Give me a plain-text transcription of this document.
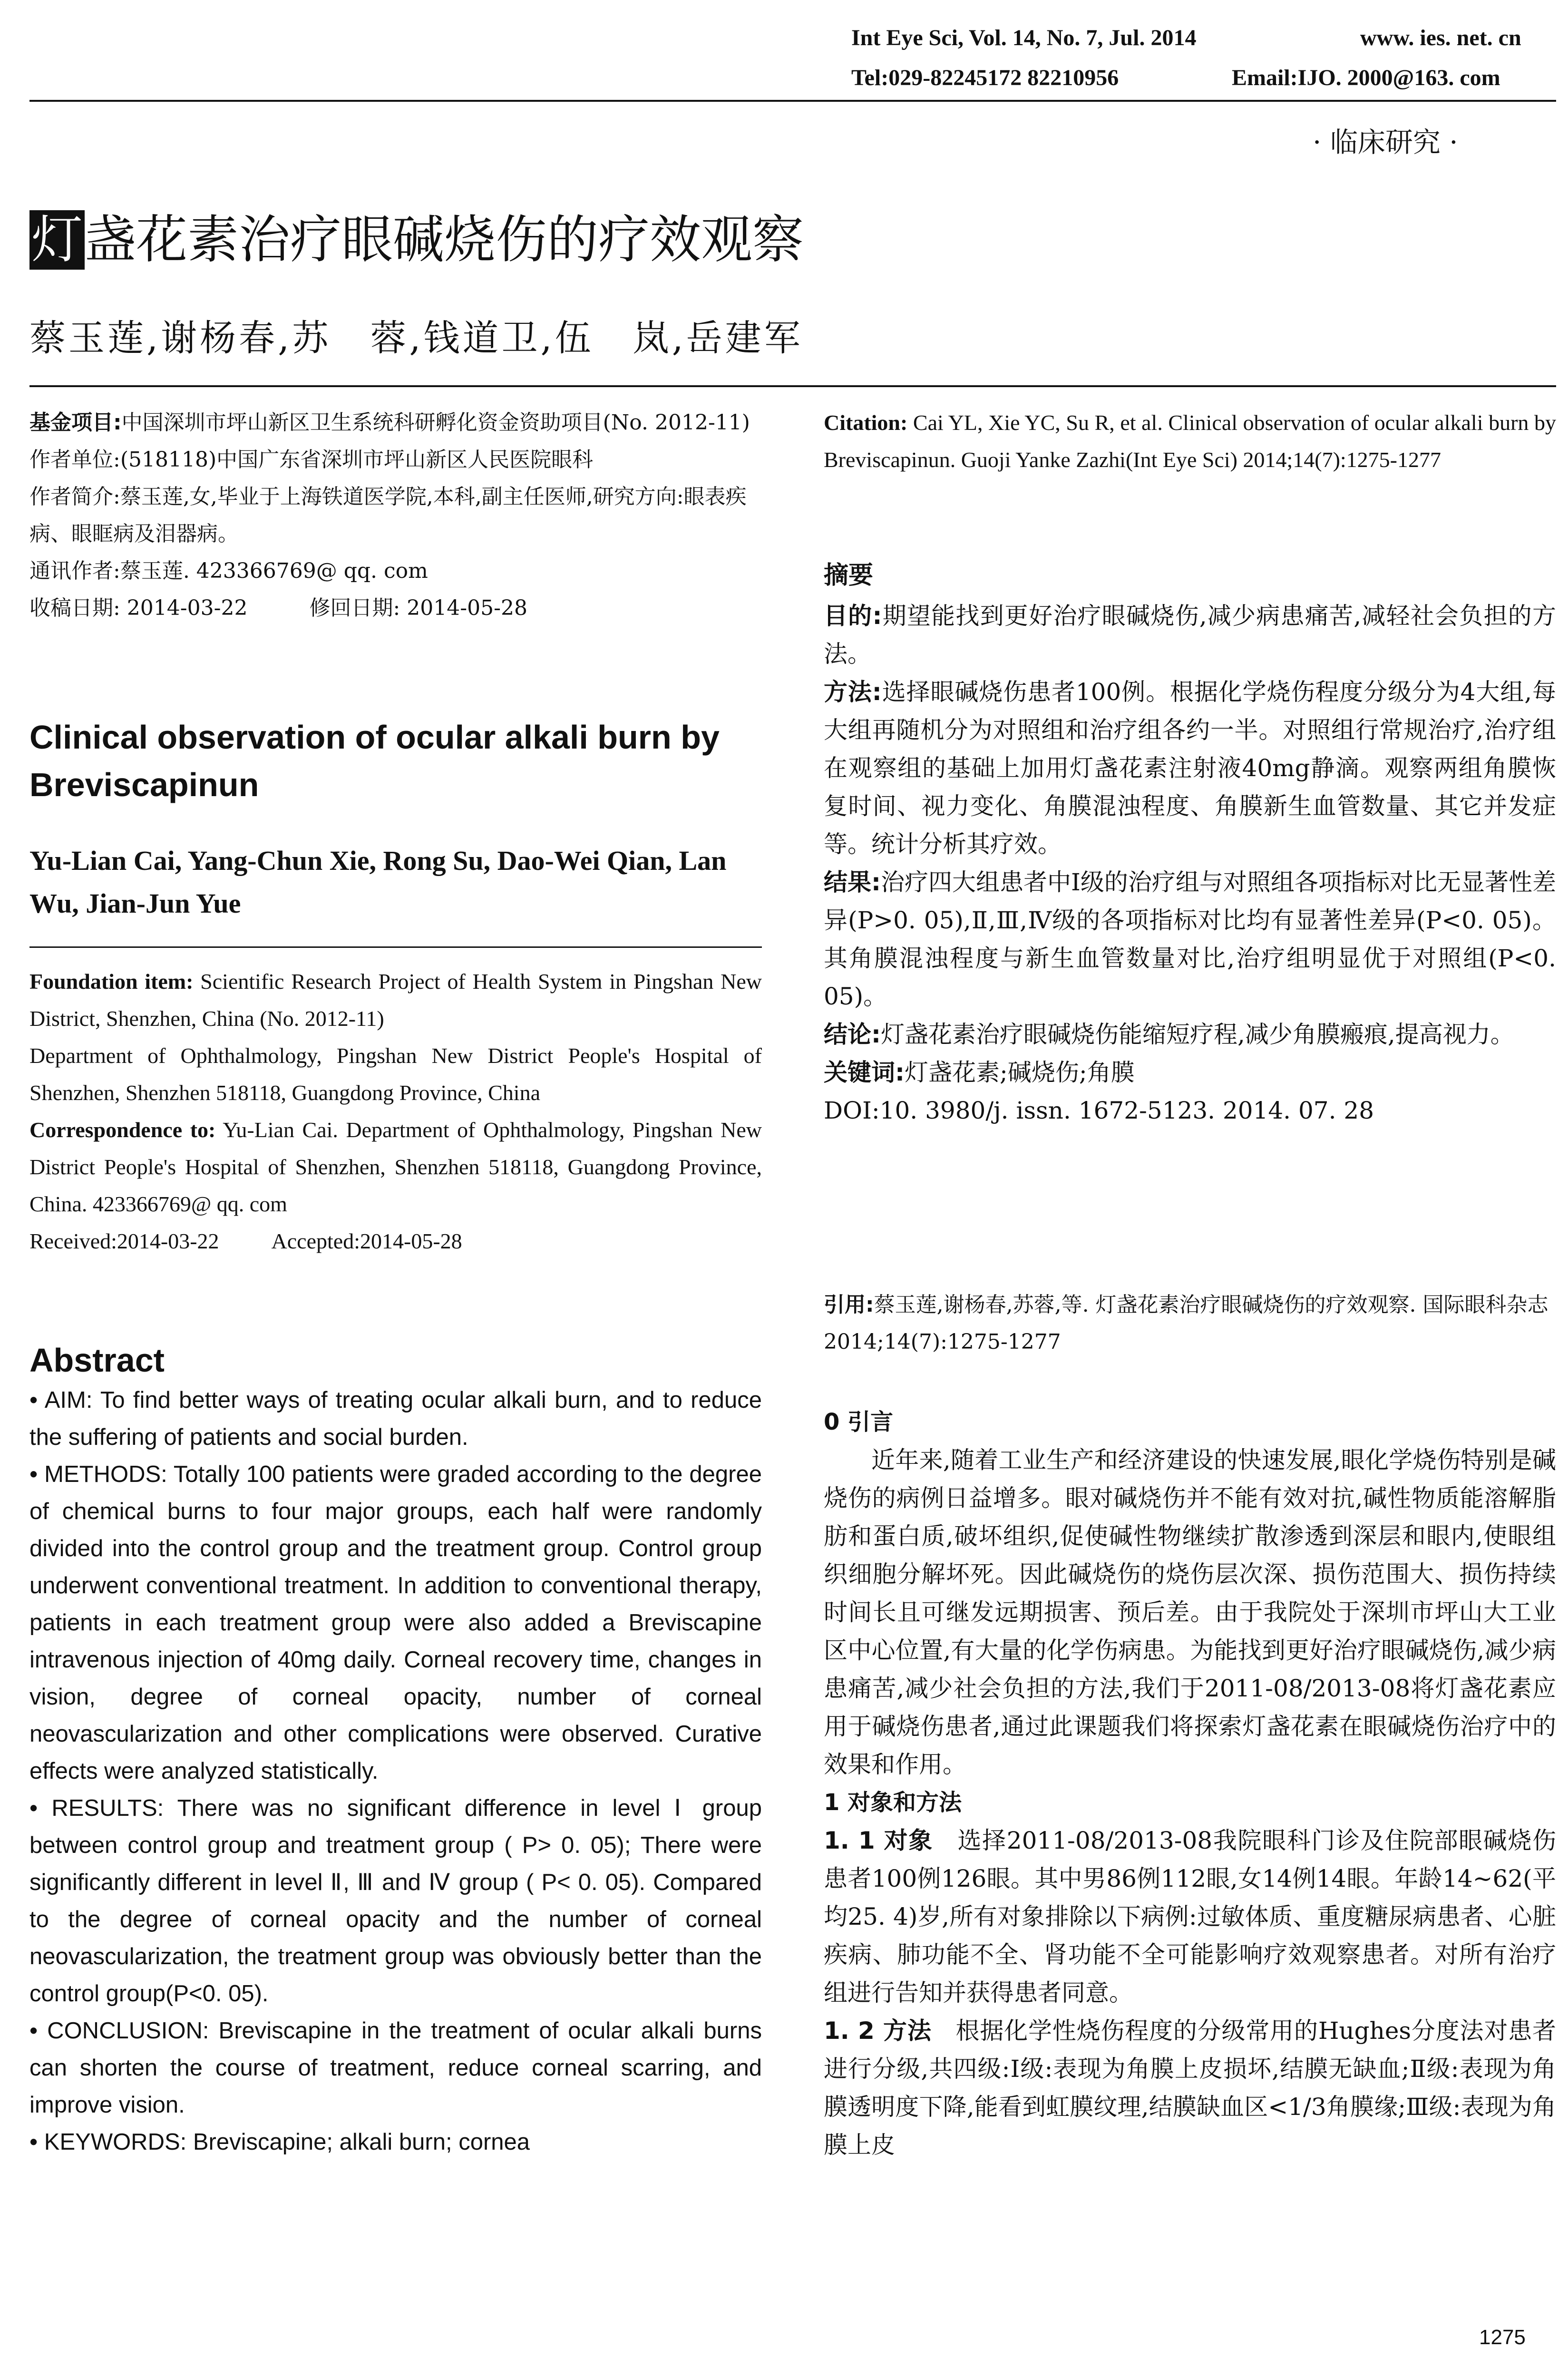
Int Eye Sci, Vol. 14, No. 7, Jul. 2014	www. ies. net. cn
Tel:029-82245172 82210956	Email:IJO. 2000@163. com
· 临床研究 ·
灯盏花素治疗眼碱烧伤的疗效观察
蔡玉莲,谢杨春,苏　蓉,钱道卫,伍　岚,岳建军

基金项目:中国深圳市坪山新区卫生系统科研孵化资金资助项目(No. 2012-11)

作者单位:(518118)中国广东省深圳市坪山新区人民医院眼科

作者简介:蔡玉莲,女,毕业于上海铁道医学院,本科,副主任医师,研究方向:眼表疾病、眼眶病及泪器病。

通讯作者:蔡玉莲. 423366769@ qq. com

收稿日期: 2014-03-22	修回日期: 2014-05-28

Clinical observation of ocular alkali burn by Breviscapinun
Yu-Lian Cai, Yang-Chun Xie, Rong Su, Dao-Wei Qian, Lan Wu, Jian-Jun Yue

Foundation item: Scientific Research Project of Health System in Pingshan New District, Shenzhen, China (No. 2012-11)

Department of Ophthalmology, Pingshan New District People's Hospital of Shenzhen, Shenzhen 518118, Guangdong Province, China

Correspondence to: Yu-Lian Cai. Department of Ophthalmology, Pingshan New District People's Hospital of Shenzhen, Shenzhen 518118, Guangdong Province, China. 423366769@ qq. com

Received:2014-03-22 Accepted:2014-05-28

Abstract

• AIM: To find better ways of treating ocular alkali burn, and to reduce the suffering of patients and social burden.

• METHODS: Totally 100 patients were graded according to the degree of chemical burns to four major groups, each half were randomly divided into the control group and the treatment group. Control group underwent conventional treatment. In addition to conventional therapy, patients in each treatment group were also added a Breviscapine intravenous injection of 40mg daily. Corneal recovery time, changes in vision, degree of corneal opacity, number of corneal neovascularization and other complications were observed. Curative effects were analyzed statistically.

• RESULTS: There was no significant difference in level Ⅰ group between control group and treatment group ( P> 0. 05); There were significantly different in level Ⅱ, Ⅲ and Ⅳ group ( P< 0. 05). Compared to the degree of corneal opacity and the number of corneal neovascularization, the treatment group was obviously better than the control group(P<0. 05).

• CONCLUSION: Breviscapine in the treatment of ocular alkali burns can shorten the course of treatment, reduce corneal scarring, and improve vision.

• KEYWORDS: Breviscapine; alkali burn; cornea

Citation: Cai YL, Xie YC, Su R, et al. Clinical observation of ocular alkali burn by Breviscapinun. Guoji Yanke Zazhi(Int Eye Sci) 2014;14(7):1275-1277

摘要

目的:期望能找到更好治疗眼碱烧伤,减少病患痛苦,减轻社会负担的方法。

方法:选择眼碱烧伤患者100例。根据化学烧伤程度分级分为4大组,每大组再随机分为对照组和治疗组各约一半。对照组行常规治疗,治疗组在观察组的基础上加用灯盏花素注射液40mg静滴。观察两组角膜恢复时间、视力变化、角膜混浊程度、角膜新生血管数量、其它并发症等。统计分析其疗效。

结果:治疗四大组患者中Ⅰ级的治疗组与对照组各项指标对比无显著性差异(P>0. 05),Ⅱ,Ⅲ,Ⅳ级的各项指标对比均有显著性差异(P<0. 05)。其角膜混浊程度与新生血管数量对比,治疗组明显优于对照组(P<0. 05)。

结论:灯盏花素治疗眼碱烧伤能缩短疗程,减少角膜瘢痕,提高视力。

关键词:灯盏花素;碱烧伤;角膜

DOI:10. 3980/j. issn. 1672-5123. 2014. 07. 28

引用:蔡玉莲,谢杨春,苏蓉,等. 灯盏花素治疗眼碱烧伤的疗效观察. 国际眼科杂志 2014;14(7):1275-1277

0 引言

近年来,随着工业生产和经济建设的快速发展,眼化学烧伤特别是碱烧伤的病例日益增多。眼对碱烧伤并不能有效对抗,碱性物质能溶解脂肪和蛋白质,破坏组织,促使碱性物继续扩散渗透到深层和眼内,使眼组织细胞分解坏死。因此碱烧伤的烧伤层次深、损伤范围大、损伤持续时间长且可继发远期损害、预后差。由于我院处于深圳市坪山大工业区中心位置,有大量的化学伤病患。为能找到更好治疗眼碱烧伤,减少病患痛苦,减少社会负担的方法,我们于2011-08/2013-08将灯盏花素应用于碱烧伤患者,通过此课题我们将探索灯盏花素在眼碱烧伤治疗中的效果和作用。

1 对象和方法

1. 1 对象　选择2011-08/2013-08我院眼科门诊及住院部眼碱烧伤患者100例126眼。其中男86例112眼,女14例14眼。年龄14~62(平均25. 4)岁,所有对象排除以下病例:过敏体质、重度糖尿病患者、心脏疾病、肺功能不全、肾功能不全可能影响疗效观察患者。对所有治疗组进行告知并获得患者同意。

1. 2 方法　根据化学性烧伤程度的分级常用的Hughes分度法对患者进行分级,共四级:Ⅰ级:表现为角膜上皮损坏,结膜无缺血;Ⅱ级:表现为角膜透明度下降,能看到虹膜纹理,结膜缺血区<1/3角膜缘;Ⅲ级:表现为角膜上皮

1275
